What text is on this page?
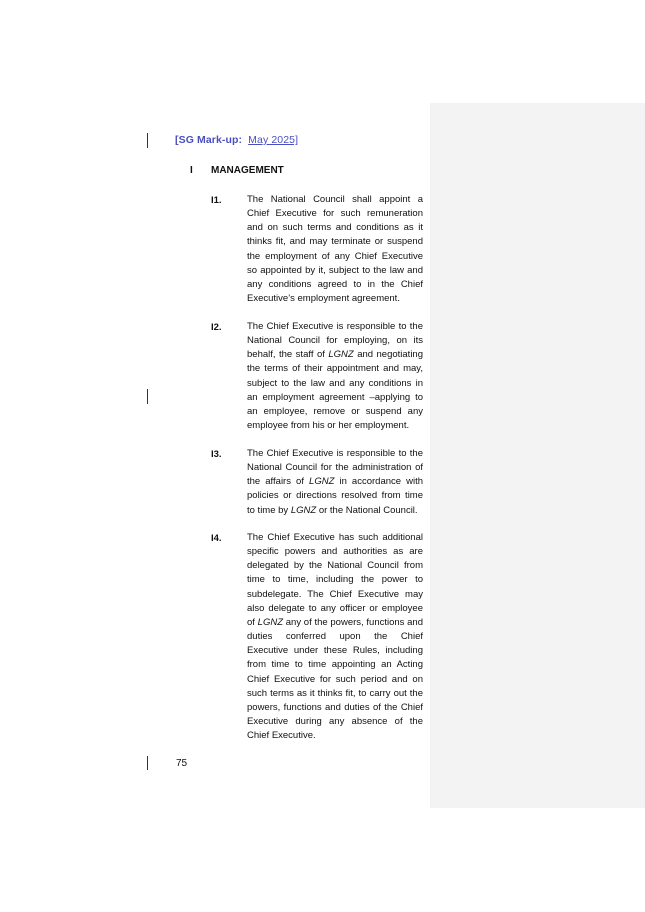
[SG Mark-up: May 2025]
I MANAGEMENT
I1.	The National Council shall appoint a Chief Executive for such remuneration and on such terms and conditions as it thinks fit, and may terminate or suspend the employment of any Chief Executive so appointed by it, subject to the law and any conditions agreed to in the Chief Executive’s employment agreement.
I2.	The Chief Executive is responsible to the National Council for employing, on its behalf, the staff of LGNZ and negotiating the terms of their appointment and may, subject to the law and any conditions in an employment agreement –applying to an employee, remove or suspend any employee from his or her employment.
I3.	The Chief Executive is responsible to the National Council for the administration of the affairs of LGNZ in accordance with policies or directions resolved from time to time by LGNZ or the National Council.
I4.	The Chief Executive has such additional specific powers and authorities as are delegated by the National Council from time to time, including the power to subdelegate. The Chief Executive may also delegate to any officer or employee of LGNZ any of the powers, functions and duties conferred upon the Chief Executive under these Rules, including from time to time appointing an Acting Chief Executive for such period and on such terms as it thinks fit, to carry out the powers, functions and duties of the Chief Executive during any absence of the Chief Executive.
75
